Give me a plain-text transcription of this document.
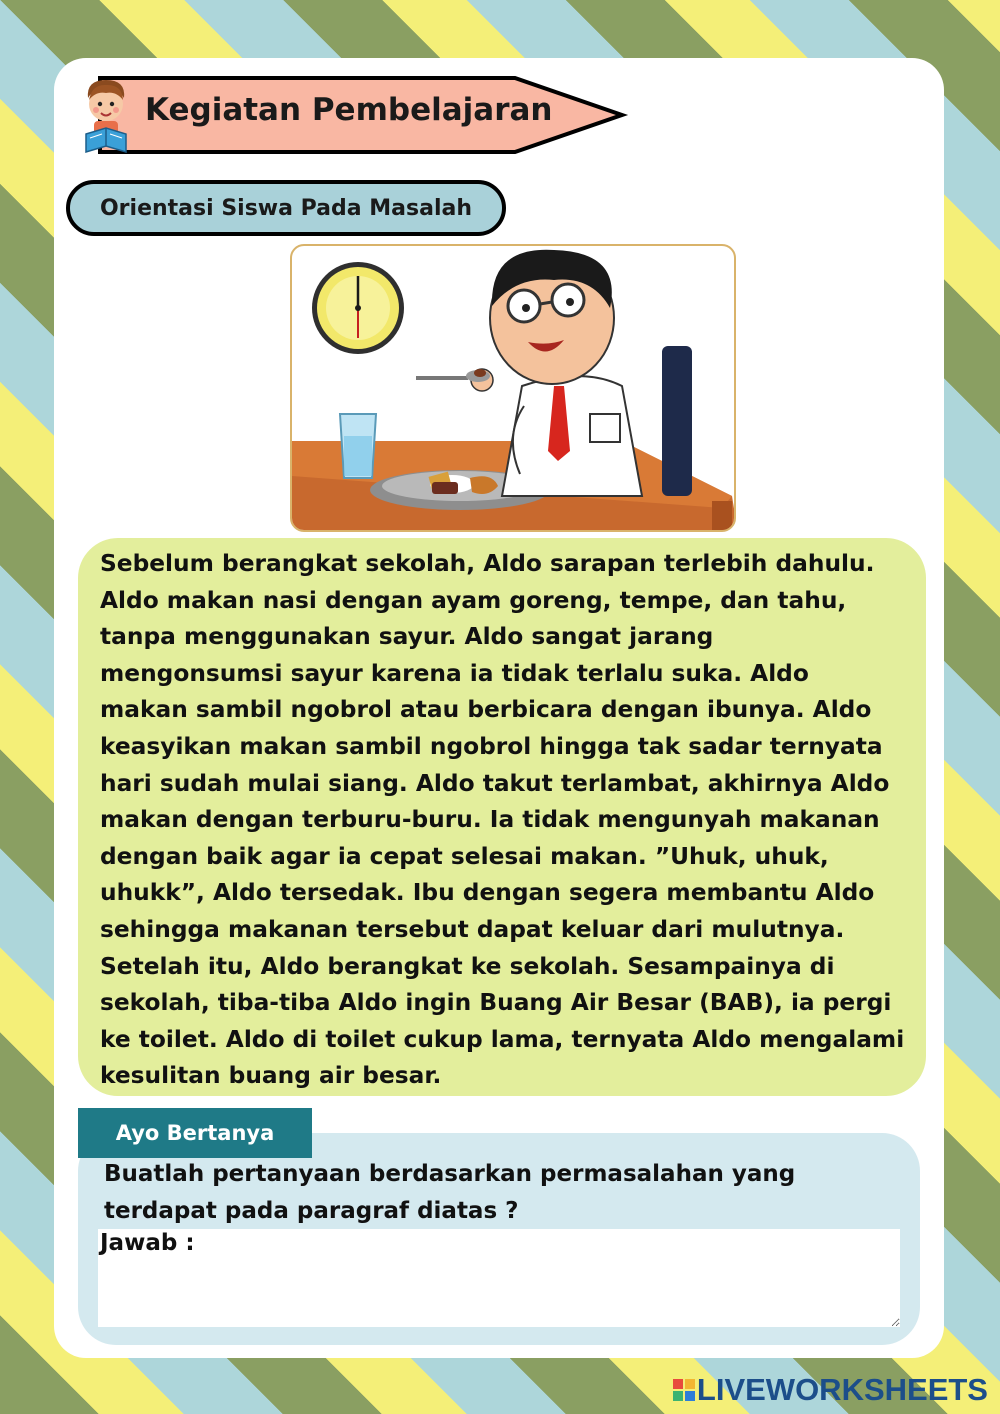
Kegiatan Pembelajaran
Orientasi Siswa Pada Masalah

Sebelum berangkat sekolah, Aldo sarapan terlebih dahulu.
Aldo makan nasi dengan ayam goreng, tempe, dan tahu,
tanpa menggunakan sayur. Aldo sangat jarang
mengonsumsi sayur karena ia tidak terlalu suka. Aldo
makan sambil ngobrol atau berbicara dengan ibunya. Aldo
keasyikan makan sambil ngobrol hingga tak sadar ternyata
hari sudah mulai siang. Aldo takut terlambat, akhirnya Aldo
makan dengan terburu-buru. Ia tidak mengunyah makanan
dengan baik agar ia cepat selesai makan. ”Uhuk, uhuk,
uhukk”, Aldo tersedak. Ibu dengan segera membantu Aldo
sehingga makanan tersebut dapat keluar dari mulutnya.
Setelah itu, Aldo berangkat ke sekolah. Sesampainya di
sekolah, tiba-tiba Aldo ingin Buang Air Besar (BAB), ia pergi
ke toilet. Aldo di toilet cukup lama, ternyata Aldo mengalami
kesulitan buang air besar.

Ayo Bertanya

Buatlah pertanyaan berdasarkan permasalahan yang terdapat pada paragraf diatas ?

Jawab :
LIVEWORKSHEETS
